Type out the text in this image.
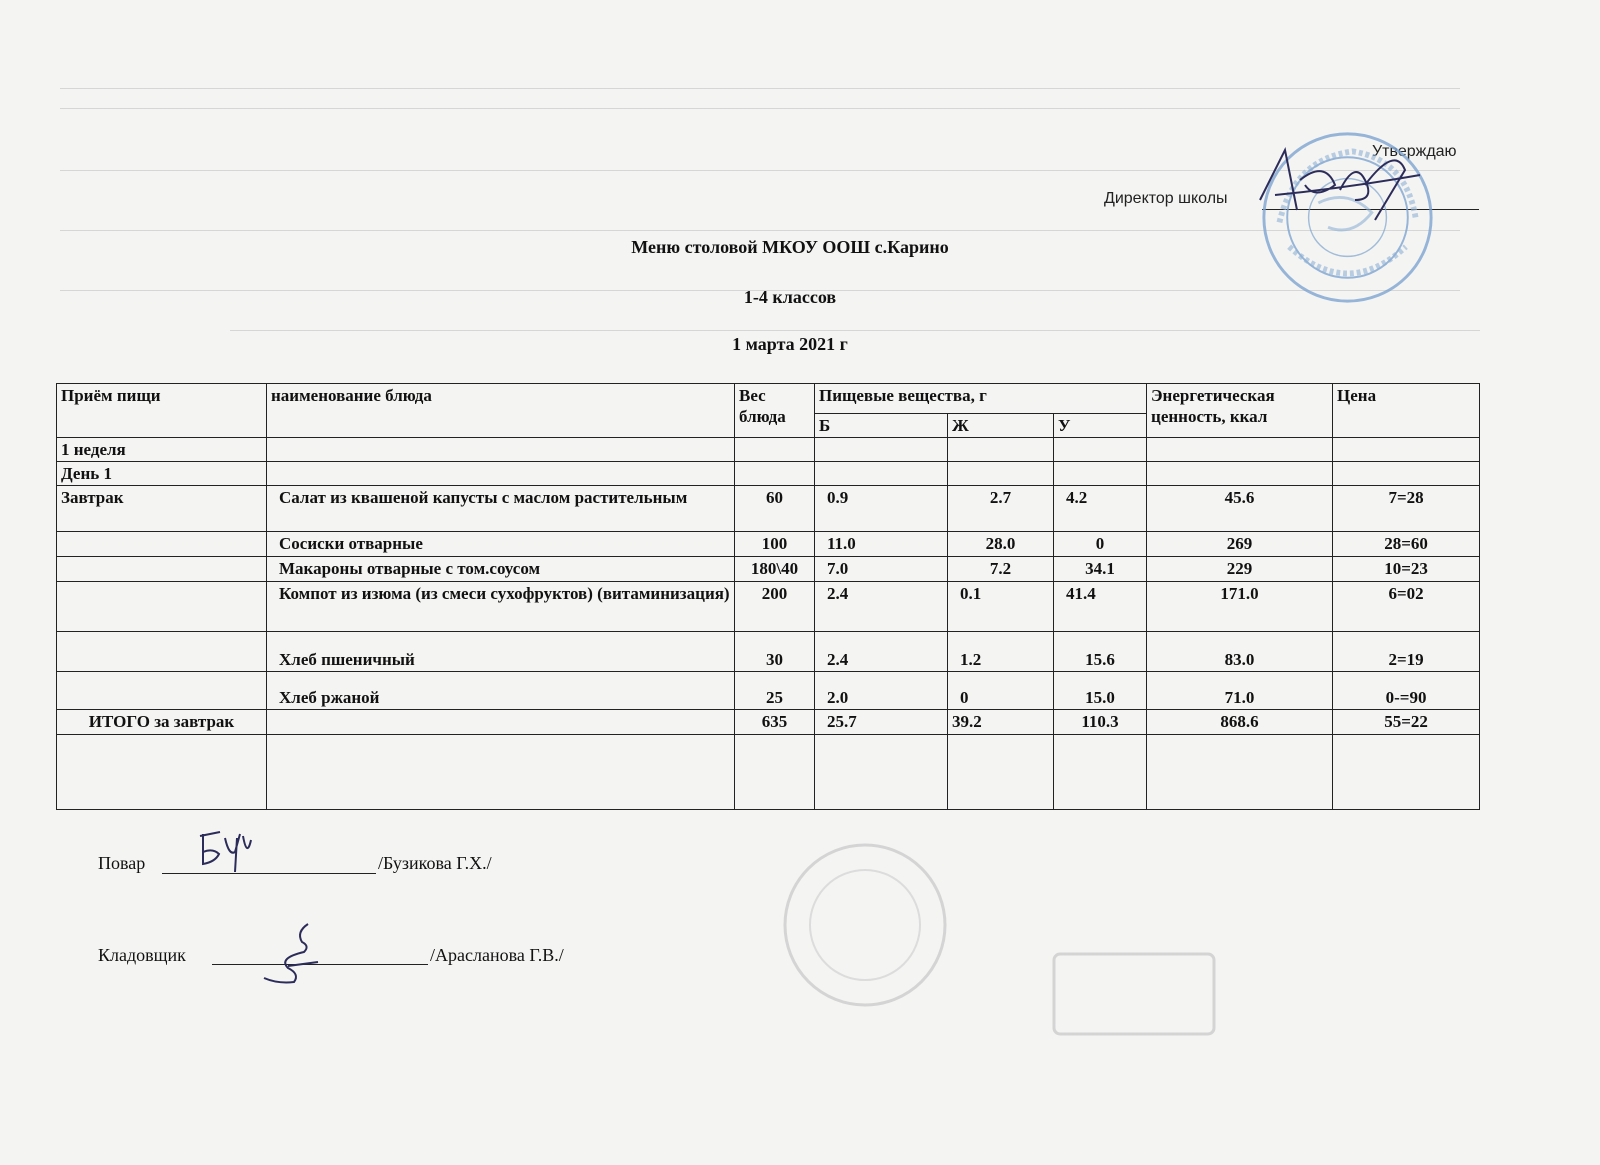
Утверждаю
Директор школы
Меню столовой МКОУ ООШ с.Карино
1-4 классов
1 марта 2021 г
Приём пищи	наименование блюда	Вес блюда	Пищевые вещества, г			Энергетическая ценность, ккал	Цена
			Б	Ж	У		
1 неделя							
День 1							
Завтрак	Салат из квашеной капусты с маслом растительным	60	0.9	2.7	4.2	45.6	7=28
	Сосиски отварные	100	11.0	28.0	0	269	28=60
	Макароны отварные с том.соусом	180\40	7.0	7.2	34.1	229	10=23
	Компот из изюма (из смеси сухофруктов) (витаминизация)	200	2.4	0.1	41.4	171.0	6=02
	Хлеб пшеничный	30	2.4	1.2	15.6	83.0	2=19
	Хлеб ржаной	25	2.0	0	15.0	71.0	0-=90
ИТОГО за завтрак		635	25.7	39.2	110.3	868.6	55=22

Повар	/Бузикова Г.Х./
Кладовщик	/Арасланова Г.В./
